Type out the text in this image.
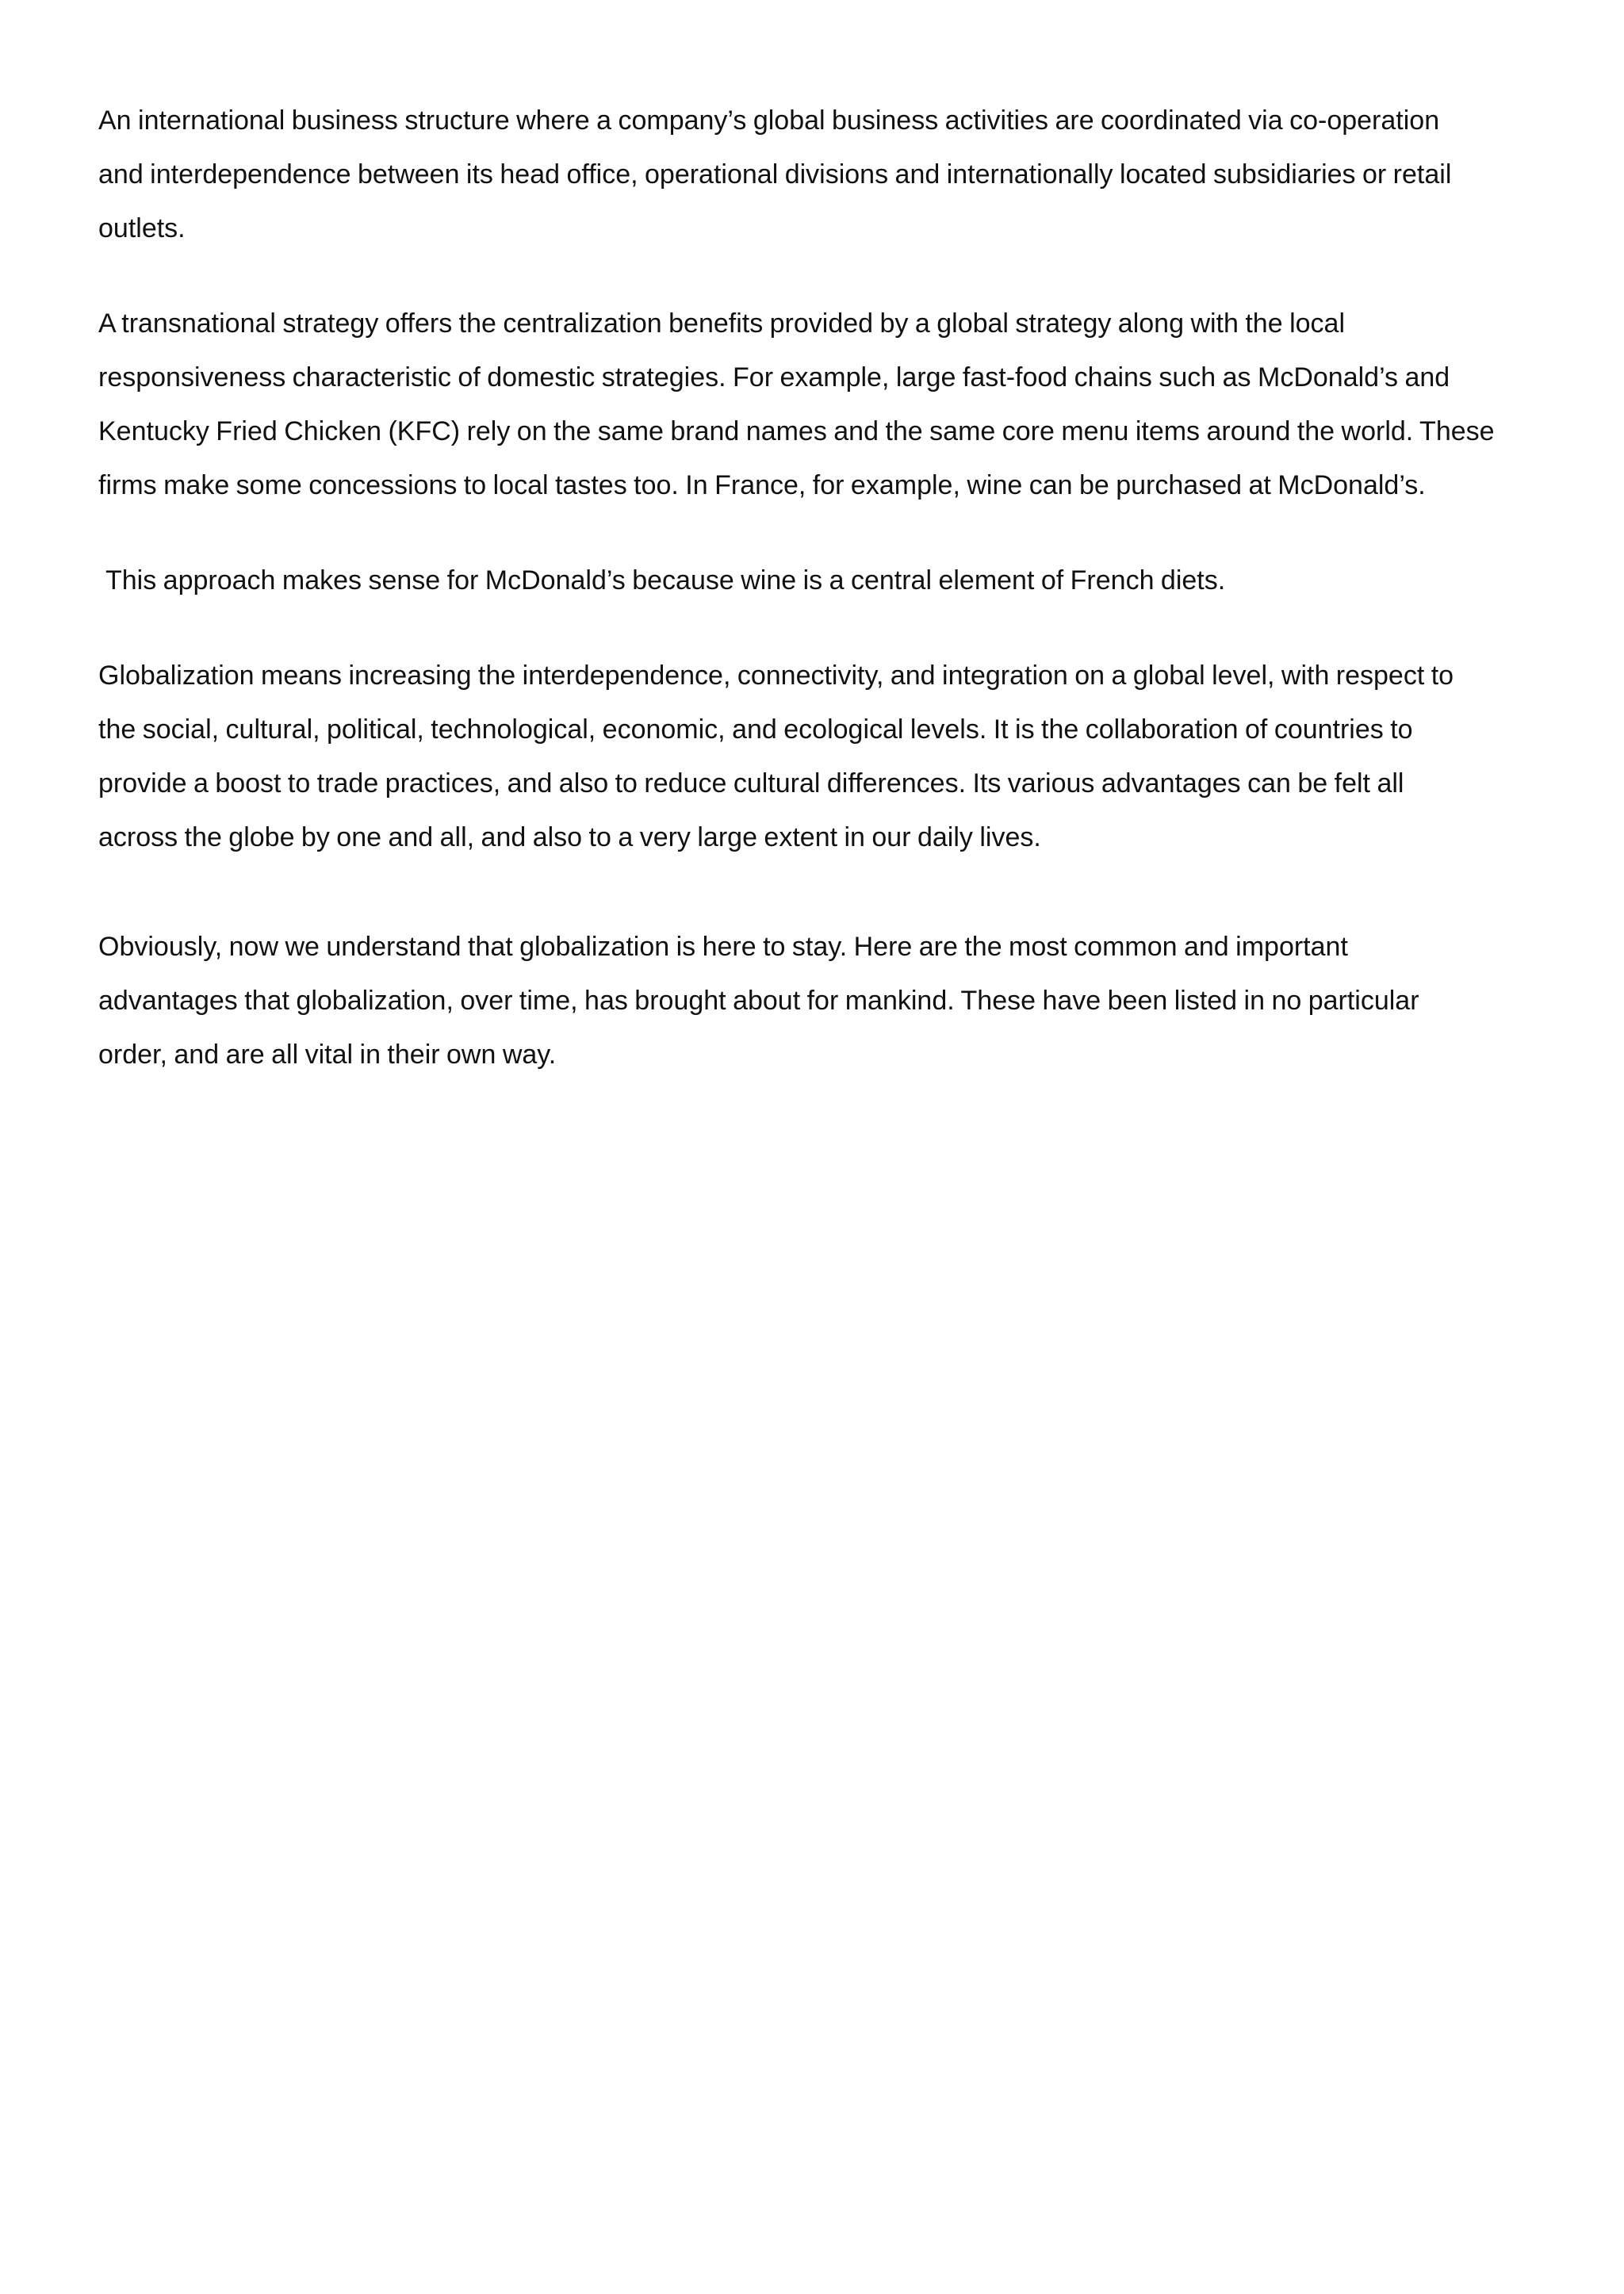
An international business structure where a company’s global business activities are coordinated via co-operation
and interdependence between its head office, operational divisions and internationally located subsidiaries or retail
outlets.

A transnational strategy offers the centralization benefits provided by a global strategy along with the local
responsiveness characteristic of domestic strategies. For example, large fast-food chains such as McDonald’s and
Kentucky Fried Chicken (KFC) rely on the same brand names and the same core menu items around the world. These
firms make some concessions to local tastes too. In France, for example, wine can be purchased at McDonald’s.

This approach makes sense for McDonald’s because wine is a central element of French diets.

Globalization means increasing the interdependence, connectivity, and integration on a global level, with respect to
the social, cultural, political, technological, economic, and ecological levels. It is the collaboration of countries to
provide a boost to trade practices, and also to reduce cultural differences. Its various advantages can be felt all
across the globe by one and all, and also to a very large extent in our daily lives.

Obviously, now we understand that globalization is here to stay. Here are the most common and important
advantages that globalization, over time, has brought about for mankind. These have been listed in no particular
order, and are all vital in their own way.
